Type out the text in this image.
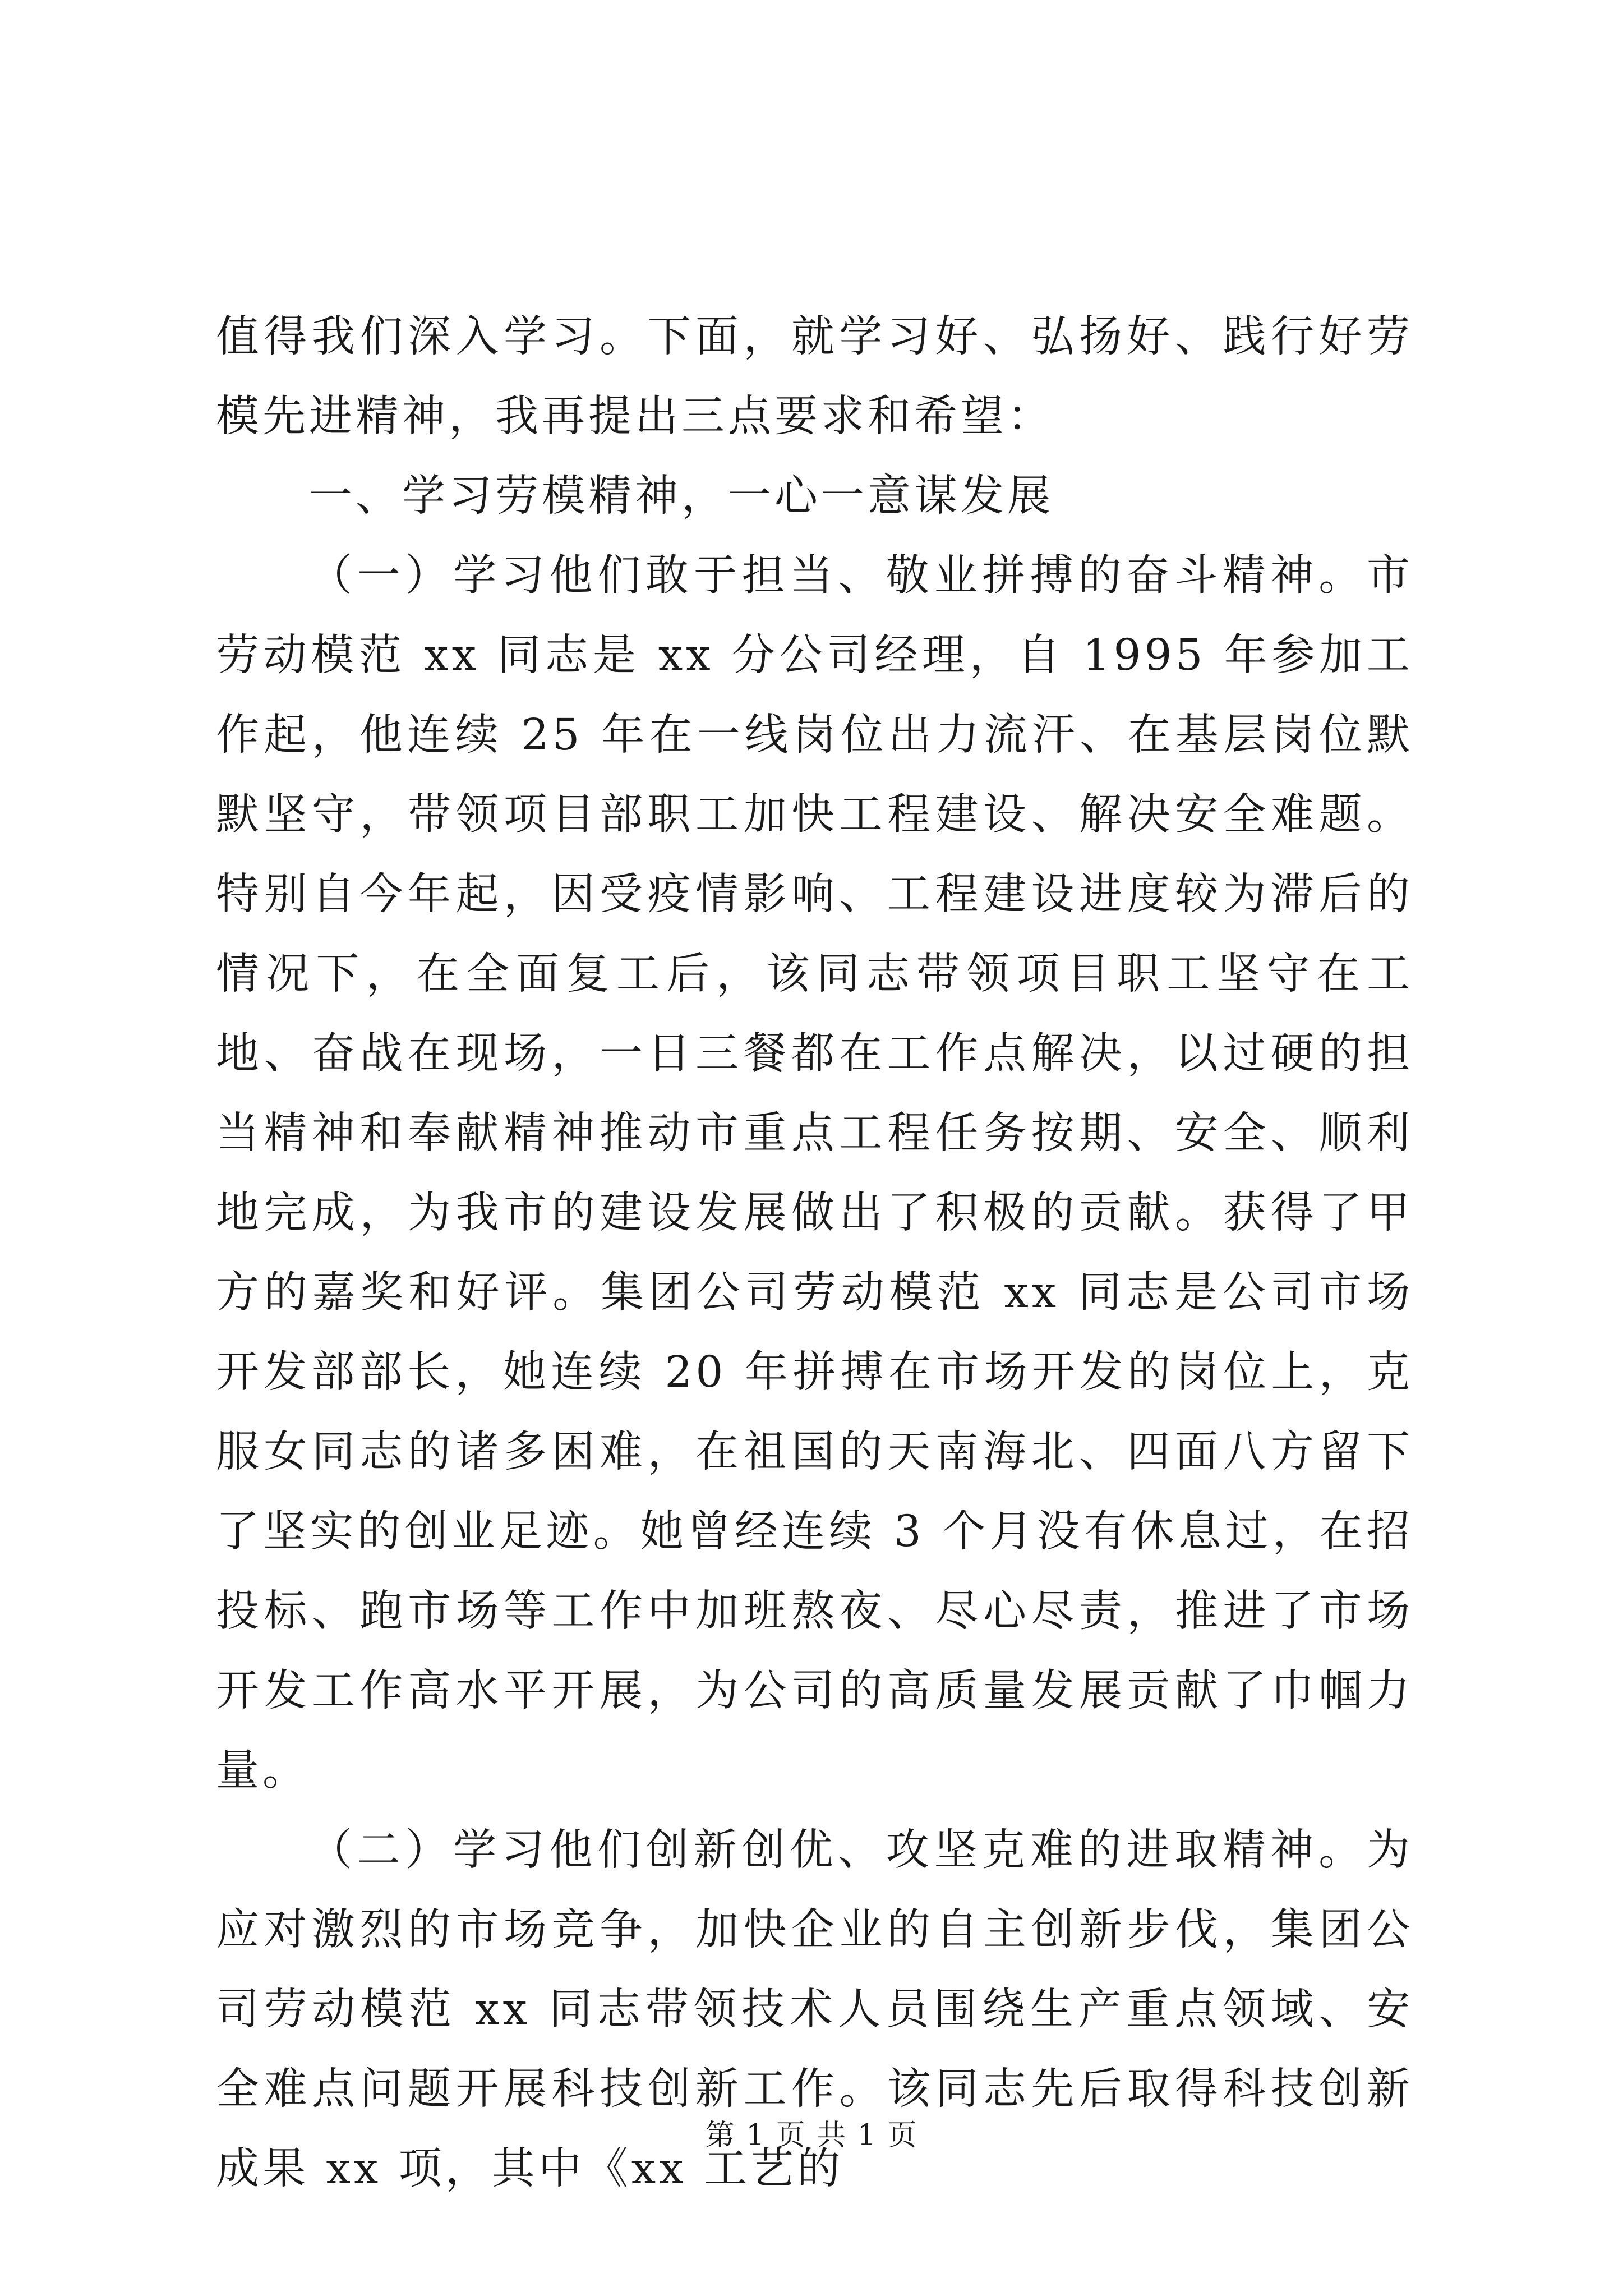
值得我们深入学习。下面，就学习好、弘扬好、践行好劳模先进精神，我再提出三点要求和希望：

一、学习劳模精神，一心一意谋发展

（一）学习他们敢于担当、敬业拼搏的奋斗精神。市劳动模范 xx 同志是 xx 分公司经理，自 1995 年参加工作起，他连续 25 年在一线岗位出力流汗、在基层岗位默默坚守，带领项目部职工加快工程建设、解决安全难题。特别自今年起，因受疫情影响、工程建设进度较为滞后的情况下，在全面复工后，该同志带领项目职工坚守在工地、奋战在现场，一日三餐都在工作点解决，以过硬的担当精神和奉献精神推动市重点工程任务按期、安全、顺利地完成，为我市的建设发展做出了积极的贡献。获得了甲方的嘉奖和好评。集团公司劳动模范 xx 同志是公司市场开发部部长，她连续 20 年拼搏在市场开发的岗位上，克服女同志的诸多困难，在祖国的天南海北、四面八方留下了坚实的创业足迹。她曾经连续 3 个月没有休息过，在招投标、跑市场等工作中加班熬夜、尽心尽责，推进了市场开发工作高水平开展，为公司的高质量发展贡献了巾帼力量。

（二）学习他们创新创优、攻坚克难的进取精神。为应对激烈的市场竞争，加快企业的自主创新步伐，集团公司劳动模范 xx 同志带领技术人员围绕生产重点领域、安全难点问题开展科技创新工作。该同志先后取得科技创新成果 xx 项，其中《xx 工艺的

第 1 页 共 1 页
